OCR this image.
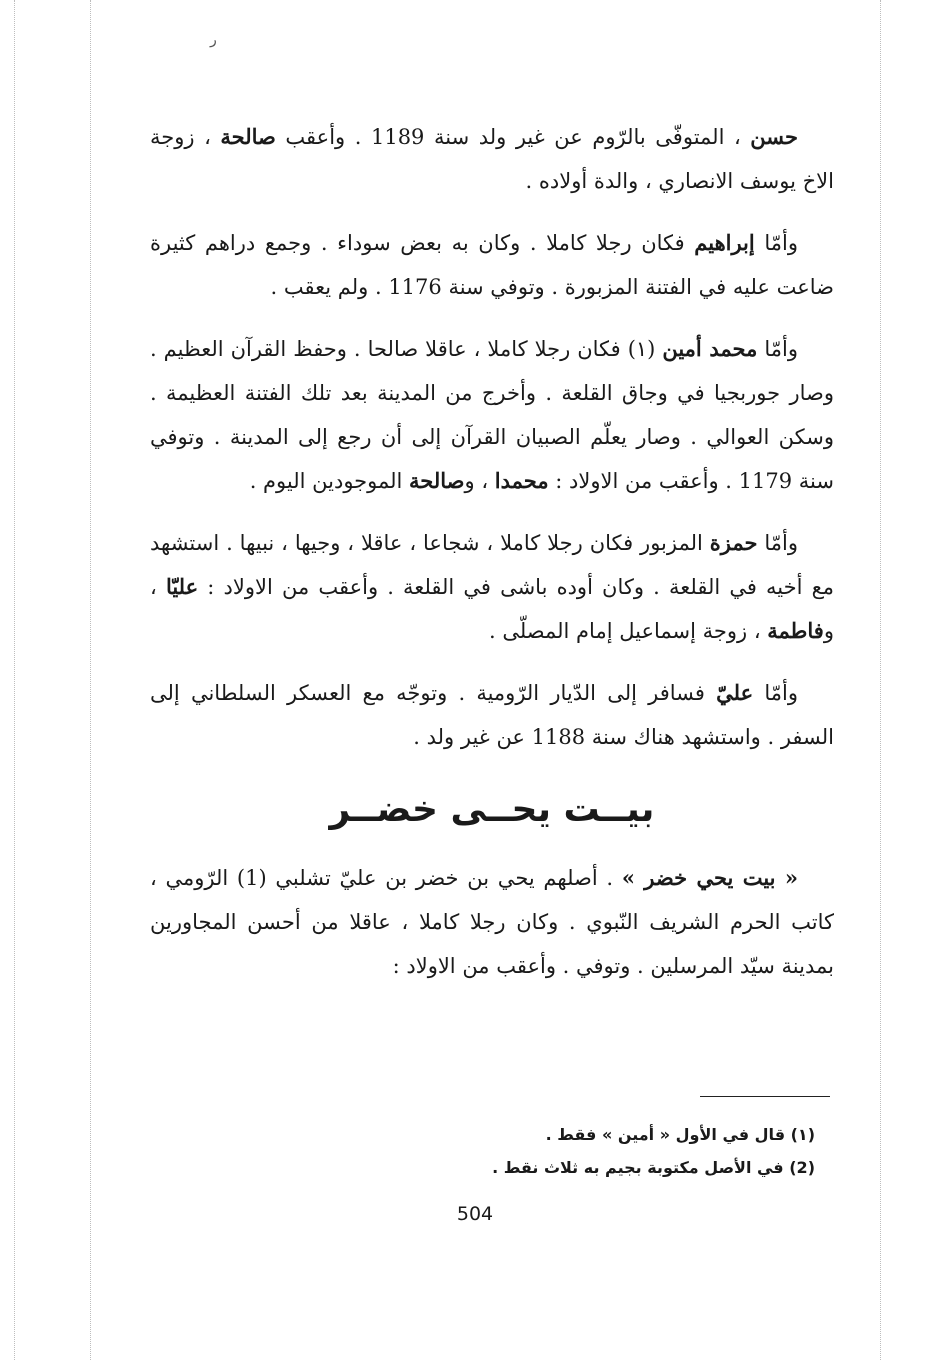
ر

حسن ، المتوفّى بالرّوم عن غير ولد سنة 1189 . وأعقب صالحة ، زوجة الاخ يوسف الانصاري ، والدة أولاده .

وأمّا إبراهيم فكان رجلا كاملا . وكان به بعض سوداء . وجمع دراهم كثيرة ضاعت عليه في الفتنة المزبورة . وتوفي سنة 1176 . ولم يعقب .

وأمّا محمد أمين (١) فكان رجلا كاملا ، عاقلا صالحا . وحفظ القرآن العظيم . وصار جوربجيا في وجاق القلعة . وأخرج من المدينة بعد تلك الفتنة العظيمة . وسكن العوالي . وصار يعلّم الصبيان القرآن إلى أن رجع إلى المدينة . وتوفي سنة 1179 . وأعقب من الاولاد : محمدا ، وصالحة الموجودين اليوم .

وأمّا حمزة المزبور فكان رجلا كاملا ، شجاعا ، عاقلا ، وجيها ، نبيها . استشهد مع أخيه في القلعة . وكان أوده باشى في القلعة . وأعقب من الاولاد : عليّا ، وفاطمة ، زوجة إسماعيل إمام المصلّى .

وأمّا عليّ فسافر إلى الدّيار الرّومية . وتوجّه مع العسكر السلطاني إلى السفر . واستشهد هناك سنة 1188 عن غير ولد .

بيــت يحــى خضــر

« بيت يحي خضر » . أصلهم يحي بن خضر بن عليّ تشلبي (1) الرّومي ، كاتب الحرم الشريف النّبوي . وكان رجلا كاملا ، عاقلا من أحسن المجاورين بمدينة سيّد المرسلين . وتوفي . وأعقب من الاولاد :

(١) قال في الأول « أمين » فقط .
(2) في الأصل مكتوبة بجيم به ثلاث نقط .
504
